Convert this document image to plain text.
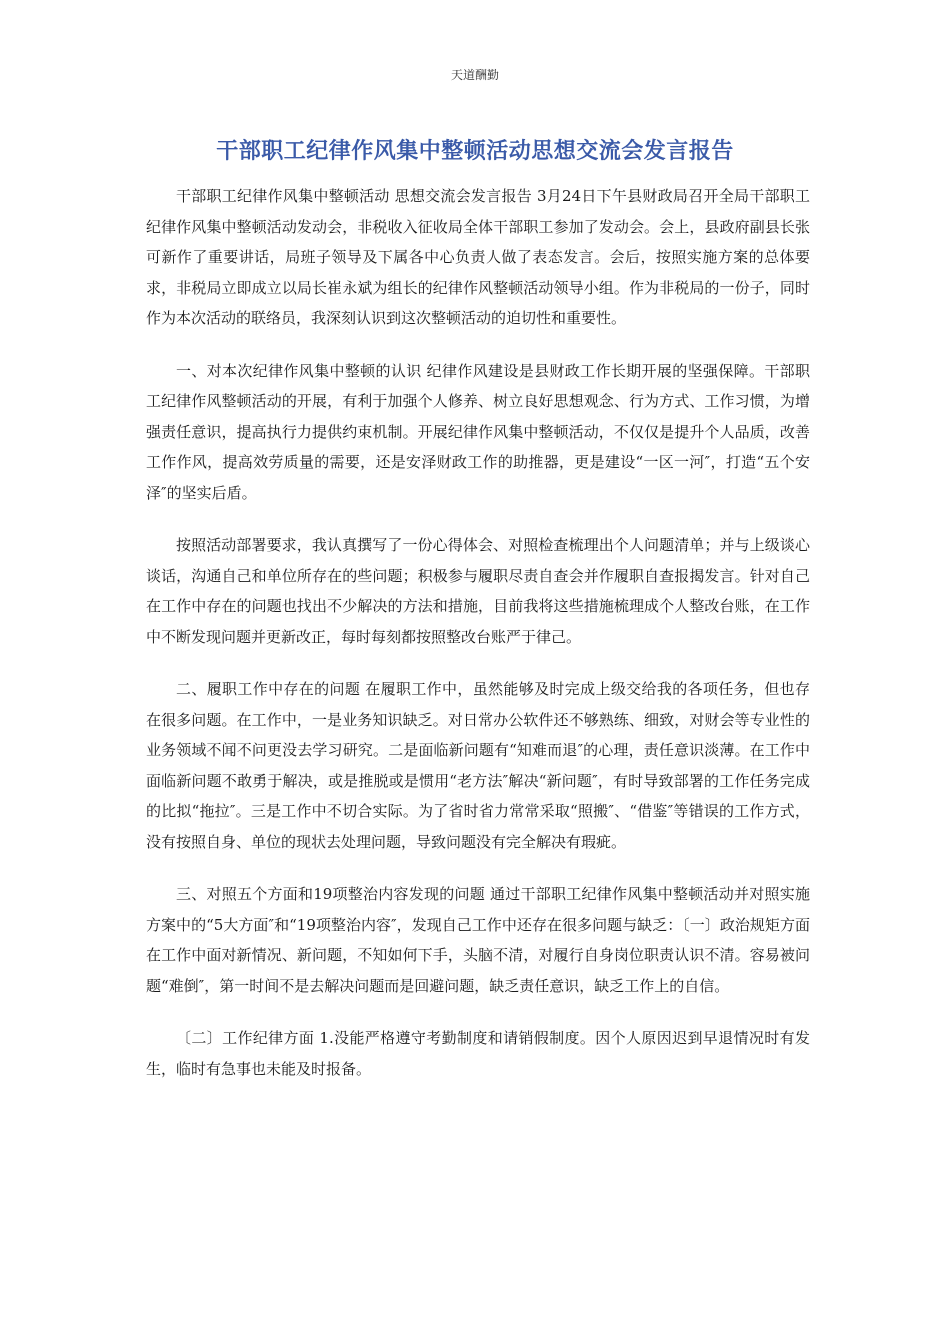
天道酬勤
干部职工纪律作风集中整顿活动思想交流会发言报告

干部职工纪律作风集中整顿活动 思想交流会发言报告 3月24日下午县财政局召开全局干部职工纪律作风集中整顿活动发动会，非税收入征收局全体干部职工参加了发动会。会上，县政府副县长张可新作了重要讲话，局班子领导及下属各中心负责人做了表态发言。会后，按照实施方案的总体要求，非税局立即成立以局长崔永斌为组长的纪律作风整顿活动领导小组。作为非税局的一份子，同时作为本次活动的联络员，我深刻认识到这次整顿活动的迫切性和重要性。

一、对本次纪律作风集中整顿的认识 纪律作风建设是县财政工作长期开展的坚强保障。干部职工纪律作风整顿活动的开展，有利于加强个人修养、树立良好思想观念、行为方式、工作习惯，为增强责任意识，提高执行力提供约束机制。开展纪律作风集中整顿活动，不仅仅是提升个人品质，改善工作作风，提高效劳质量的需要，还是安泽财政工作的助推器，更是建设“一区一河″，打造“五个安泽″的坚实后盾。

按照活动部署要求，我认真撰写了一份心得体会、对照检查梳理出个人问题清单；并与上级谈心谈话，沟通自己和单位所存在的些问题；积极参与履职尽责自查会并作履职自查报揭发言。针对自己在工作中存在的问题也找出不少解决的方法和措施，目前我将这些措施梳理成个人整改台账，在工作中不断发现问题并更新改正，每时每刻都按照整改台账严于律己。

二、履职工作中存在的问题 在履职工作中，虽然能够及时完成上级交给我的各项任务，但也存在很多问题。在工作中，一是业务知识缺乏。对日常办公软件还不够熟练、细致，对财会等专业性的业务领域不闻不问更没去学习研究。二是面临新问题有“知难而退″的心理，责任意识淡薄。在工作中面临新问题不敢勇于解决，或是推脱或是惯用“老方法″解决“新问题″，有时导致部署的工作任务完成的比拟“拖拉″。三是工作中不切合实际。为了省时省力常常采取“照搬″、“借鉴″等错误的工作方式，没有按照自身、单位的现状去处理问题，导致问题没有完全解决有瑕疵。

三、对照五个方面和19项整治内容发现的问题 通过干部职工纪律作风集中整顿活动并对照实施方案中的“5大方面″和“19项整治内容″，发现自己工作中还存在很多问题与缺乏：〔一〕政治规矩方面 在工作中面对新情况、新问题，不知如何下手，头脑不清，对履行自身岗位职责认识不清。容易被问题“难倒″，第一时间不是去解决问题而是回避问题，缺乏责任意识，缺乏工作上的自信。

〔二〕工作纪律方面 1.没能严格遵守考勤制度和请销假制度。因个人原因迟到早退情况时有发生，临时有急事也未能及时报备。
